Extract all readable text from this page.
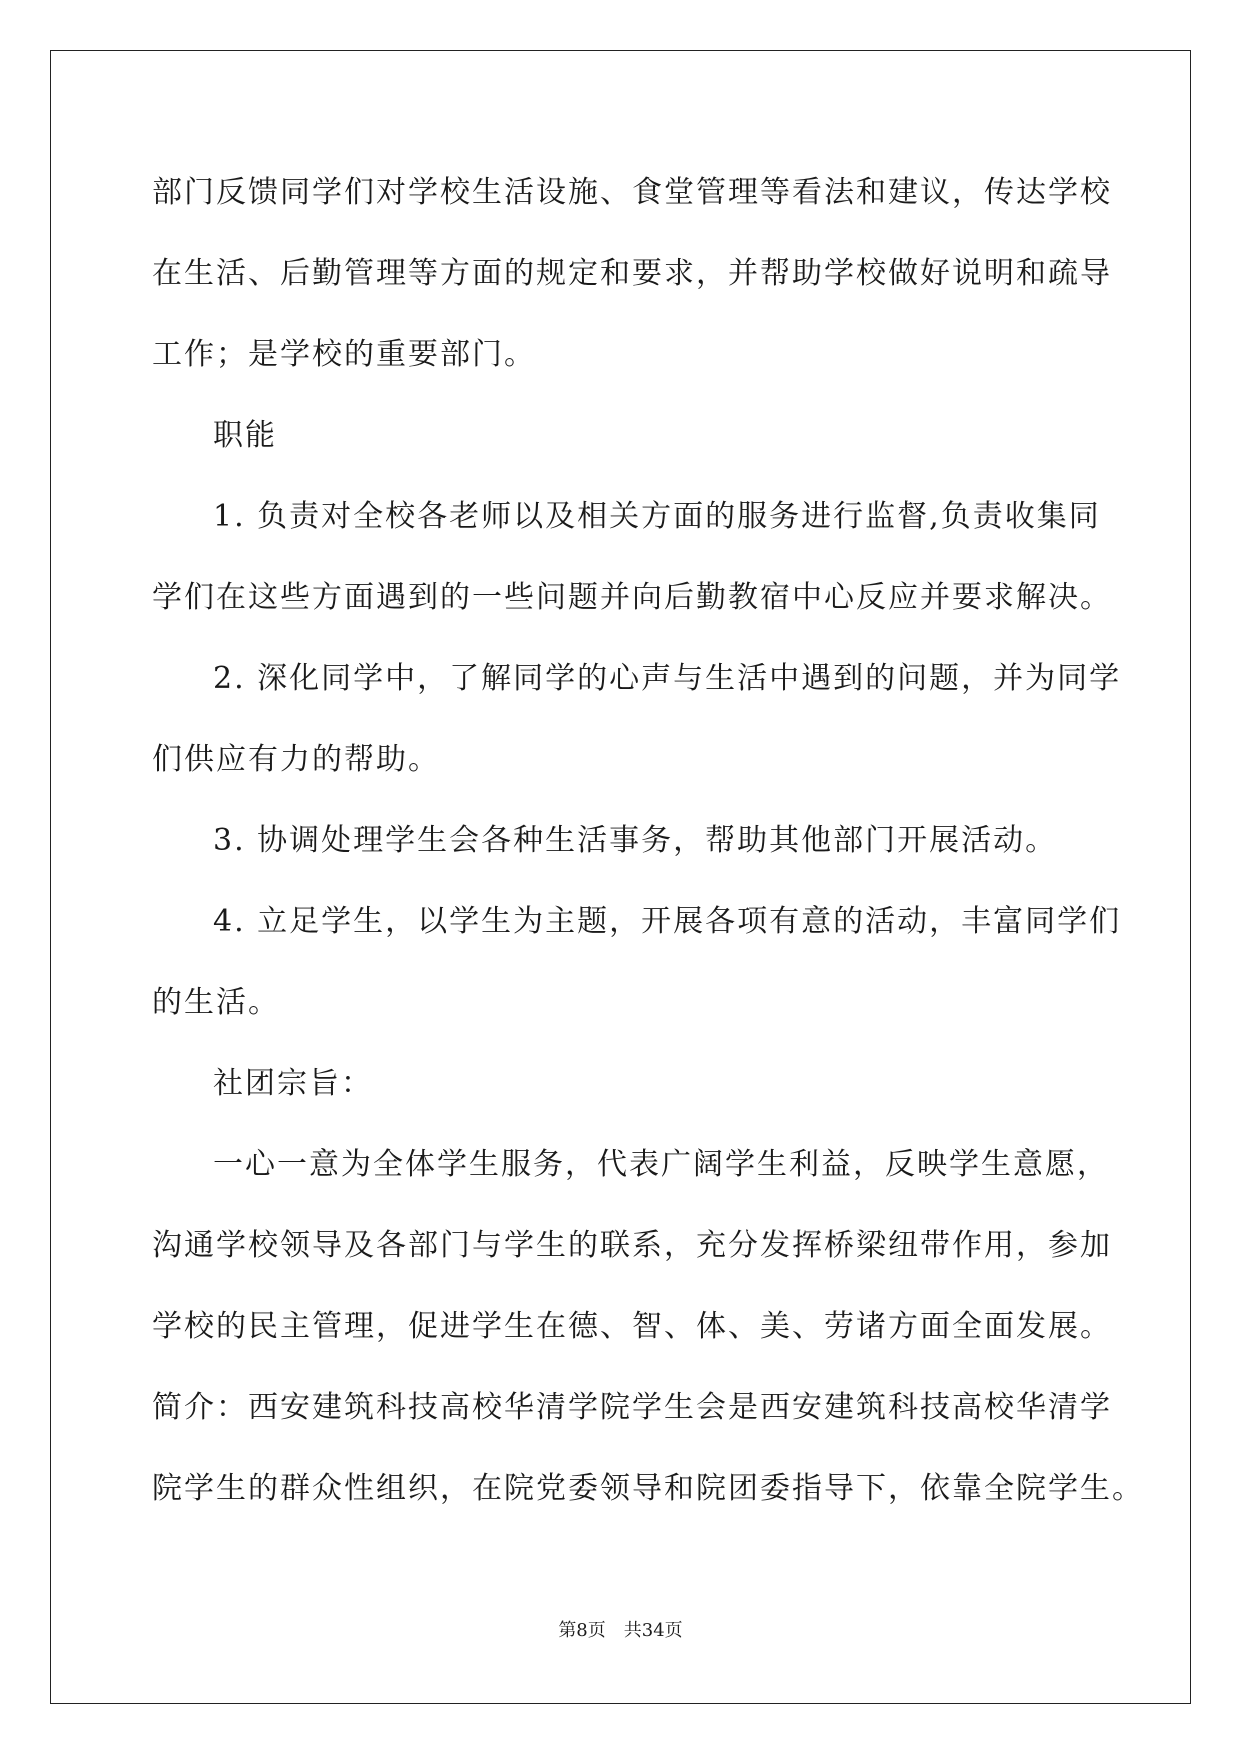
部门反馈同学们对学校生活设施、食堂管理等看法和建议，传达学校

在生活、后勤管理等方面的规定和要求，并帮助学校做好说明和疏导

工作；是学校的重要部门。

职能

1. 负责对全校各老师以及相关方面的服务进行监督,负责收集同

学们在这些方面遇到的一些问题并向后勤教宿中心反应并要求解决。

2. 深化同学中，了解同学的心声与生活中遇到的问题，并为同学

们供应有力的帮助。

3. 协调处理学生会各种生活事务，帮助其他部门开展活动。

4. 立足学生，以学生为主题，开展各项有意的活动，丰富同学们

的生活。

社团宗旨：

一心一意为全体学生服务，代表广阔学生利益，反映学生意愿，

沟通学校领导及各部门与学生的联系，充分发挥桥梁纽带作用，参加

学校的民主管理，促进学生在德、智、体、美、劳诸方面全面发展。

简介：西安建筑科技高校华清学院学生会是西安建筑科技高校华清学

院学生的群众性组织，在院党委领导和院团委指导下，依靠全院学生。

第8页 共34页
